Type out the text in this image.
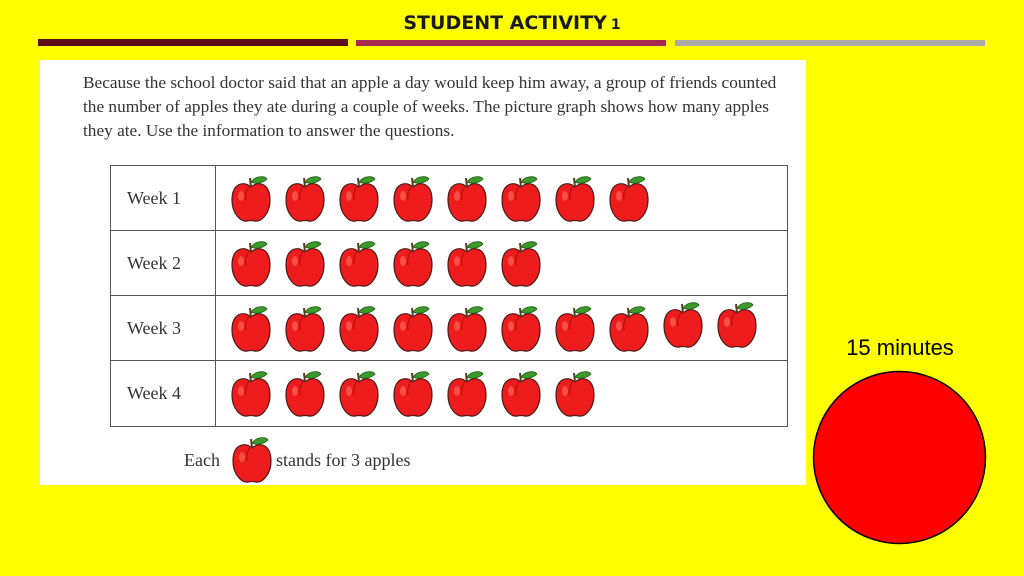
STUDENT ACTIVITY 1

Because the school doctor said that an apple a day would keep him away, a group of friends counted the number of apples they ate during a couple of weeks. The picture graph shows how many apples they ate. Use the information to answer the questions.

Week 1
Week 2
Week 3
Week 4
Each	stands for 3 apples
15 minutes
